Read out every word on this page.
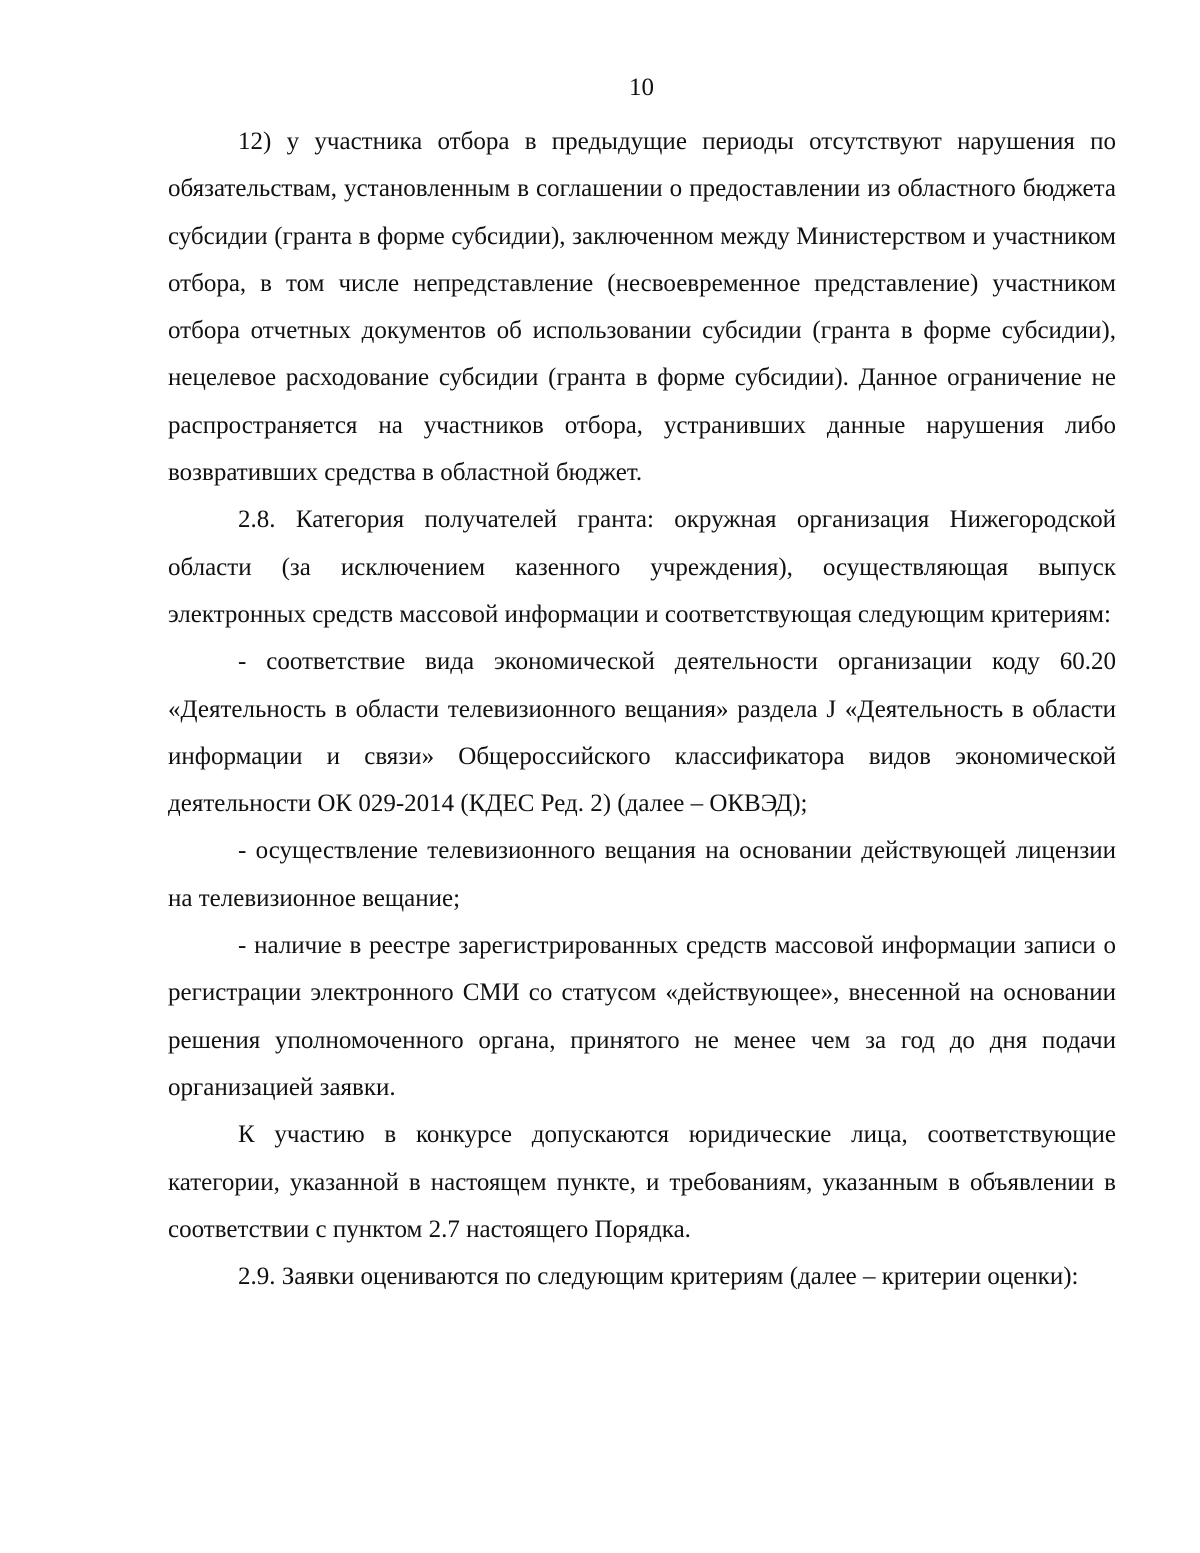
10

12) у участника отбора в предыдущие периоды отсутствуют нарушения по обязательствам, установленным в соглашении о предоставлении из областного бюджета субсидии (гранта в форме субсидии), заключенном между Министерством и участником отбора, в том числе непредставление (несвоевременное представление) участником отбора отчетных документов об использовании субсидии (гранта в форме субсидии), нецелевое расходование субсидии (гранта в форме субсидии). Данное ограничение не распространяется на участников отбора, устранивших данные нарушения либо возвративших средства в областной бюджет.

2.8. Категория получателей гранта: окружная организация Нижегородской области (за исключением казенного учреждения), осуществляющая выпуск электронных средств массовой информации и соответствующая следующим критериям:

- соответствие вида экономической деятельности организации коду 60.20 «Деятельность в области телевизионного вещания» раздела J «Деятельность в области информации и связи» Общероссийского классификатора видов экономической деятельности ОК 029-2014 (КДЕС Ред. 2) (далее – ОКВЭД);

- осуществление телевизионного вещания на основании действующей лицензии на телевизионное вещание;

- наличие в реестре зарегистрированных средств массовой информации записи о регистрации электронного СМИ со статусом «действующее», внесенной на основании решения уполномоченного органа, принятого не менее чем за год до дня подачи организацией заявки.

К участию в конкурсе допускаются юридические лица, соответствующие категории, указанной в настоящем пункте, и требованиям, указанным в объявлении в соответствии с пунктом 2.7 настоящего Порядка.

2.9. Заявки оцениваются по следующим критериям (далее – критерии оценки):
